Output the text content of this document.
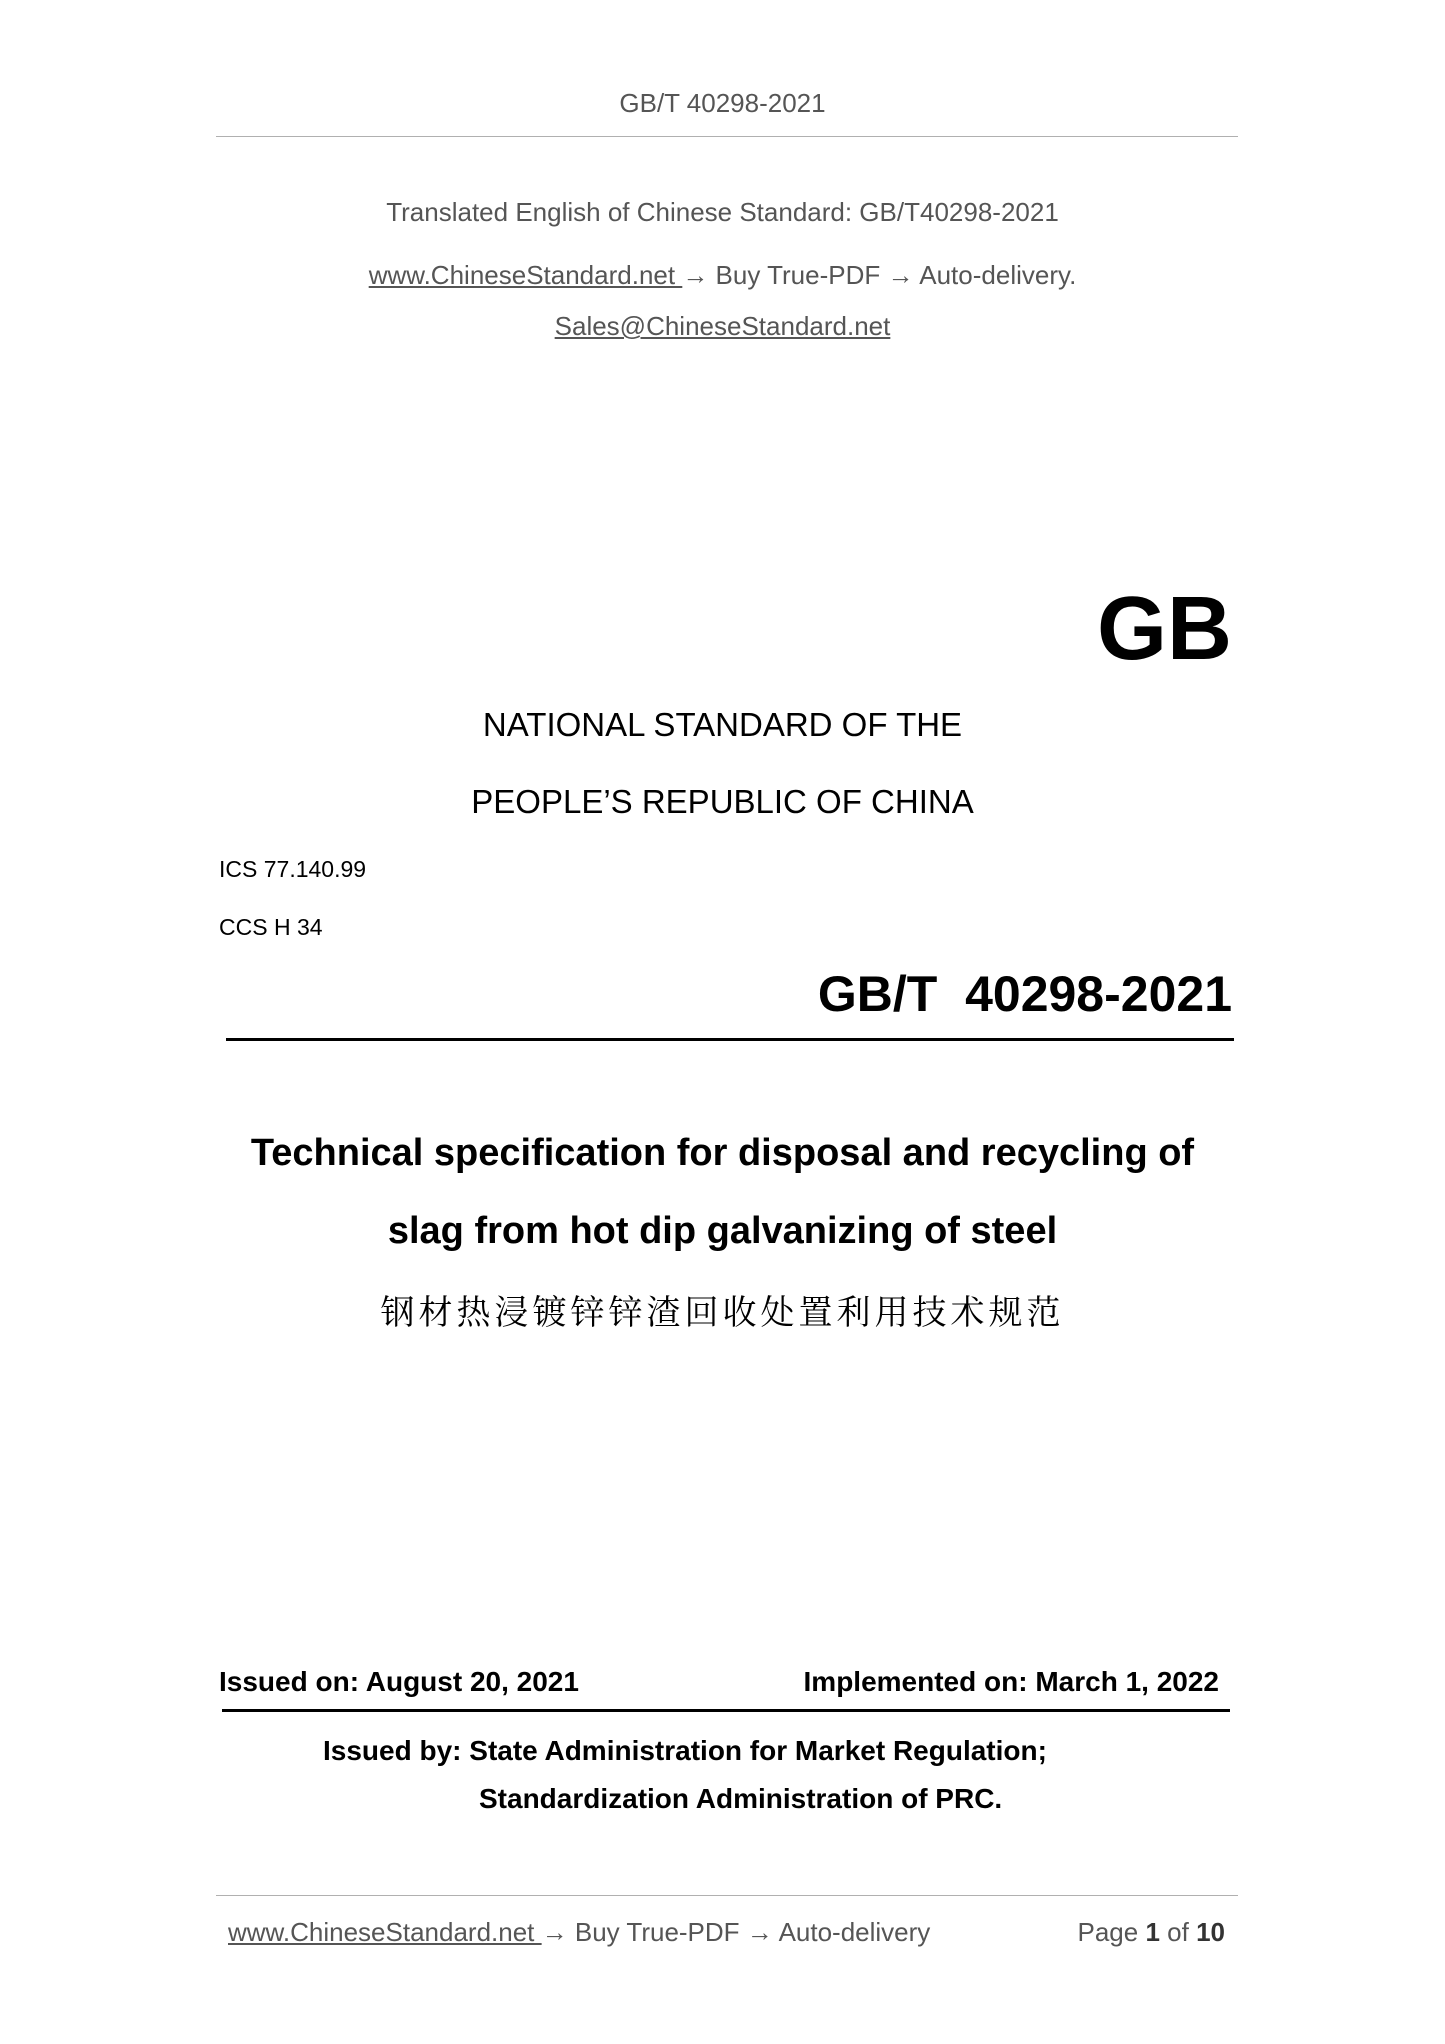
GB/T 40298-2021
Translated English of Chinese Standard: GB/T40298-2021
www.ChineseStandard.net → Buy True-PDF → Auto-delivery.
Sales@ChineseStandard.net
GB
NATIONAL STANDARD OF THE
PEOPLE’S REPUBLIC OF CHINA
ICS 77.140.99
CCS H 34
GB/T  40298-2021
Technical specification for disposal and recycling of
slag from hot dip galvanizing of steel
钢材热浸镀锌锌渣回收处置利用技术规范
Issued on: August 20, 2021	Implemented on: March 1, 2022
Issued by: State Administration for Market Regulation;
Standardization Administration of PRC.
www.ChineseStandard.net → Buy True-PDF → Auto-delivery	Page 1 of 10
